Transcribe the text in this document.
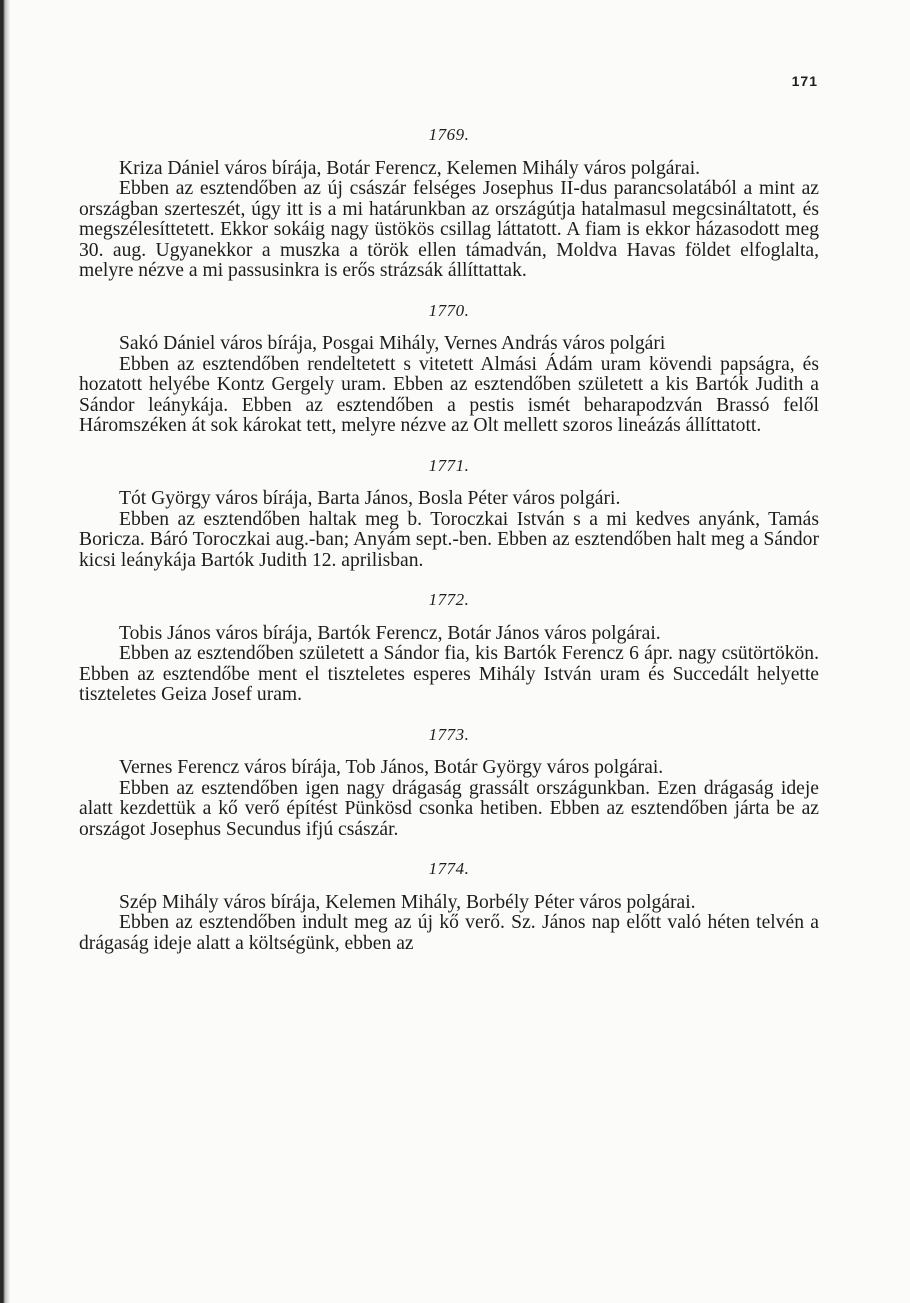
171
1769.

Kriza Dániel város bírája, Botár Ferencz, Kelemen Mihály város polgárai.

Ebben az esztendőben az új császár felséges Josephus II-dus parancsolatából a mint az országban szerteszét, úgy itt is a mi határunkban az országútja hatalmasul megcsináltatott, és megszélesíttetett. Ekkor sokáig nagy üstökös csillag láttatott. A fiam is ekkor házasodott meg 30. aug. Ugyanekkor a muszka a török ellen támadván, Moldva Havas földet elfoglalta, melyre nézve a mi passusinkra is erős strázsák állíttattak.

1770.

Sakó Dániel város bírája, Posgai Mihály, Vernes András város polgári

Ebben az esztendőben rendeltetett s vitetett Almási Ádám uram kövendi papságra, és hozatott helyébe Kontz Gergely uram. Ebben az esztendőben született a kis Bartók Judith a Sándor leánykája. Ebben az esztendőben a pestis ismét beharapodzván Brassó felől Háromszéken át sok károkat tett, melyre nézve az Olt mellett szoros lineázás állíttatott.

1771.

Tót György város bírája, Barta János, Bosla Péter város polgári.

Ebben az esztendőben haltak meg b. Toroczkai István s a mi kedves anyánk, Tamás Boricza. Báró Toroczkai aug.-ban; Anyám sept.-ben. Ebben az esztendőben halt meg a Sándor kicsi leánykája Bartók Judith 12. aprilisban.

1772.

Tobis János város bírája, Bartók Ferencz, Botár János város polgárai.

Ebben az esztendőben született a Sándor fia, kis Bartók Ferencz 6 ápr. nagy csütörtökön. Ebben az esztendőbe ment el tiszteletes esperes Mihály István uram és Succedált helyette tiszteletes Geiza Josef uram.

1773.

Vernes Ferencz város bírája, Tob János, Botár György város polgárai.

Ebben az esztendőben igen nagy drágaság grassált országunkban. Ezen drágaság ideje alatt kezdettük a kő verő építést Pünkösd csonka hetiben. Ebben az esztendőben járta be az országot Josephus Secundus ifjú császár.

1774.

Szép Mihály város bírája, Kelemen Mihály, Borbély Péter város polgárai.

Ebben az esztendőben indult meg az új kő verő. Sz. János nap előtt való héten telvén a drágaság ideje alatt a költségünk, ebben az
